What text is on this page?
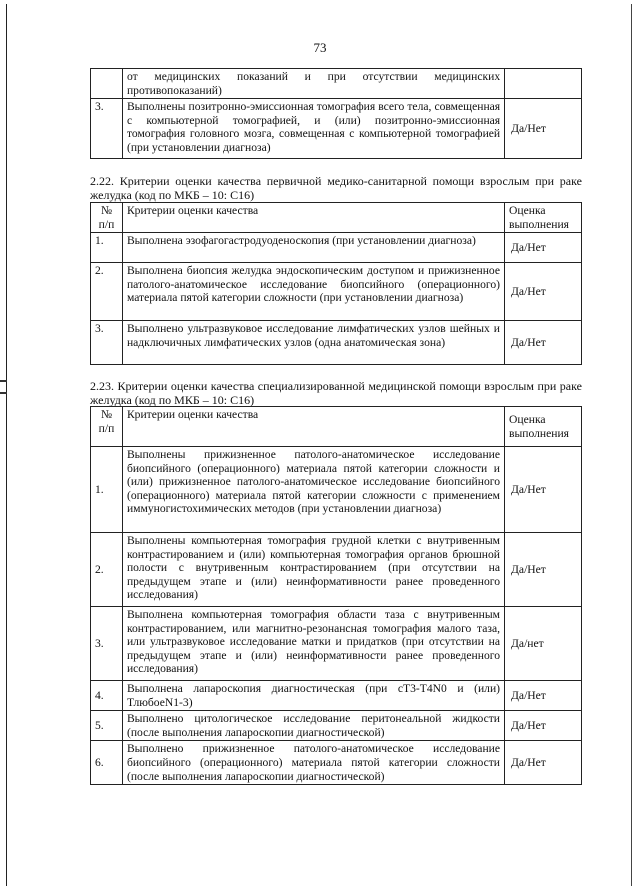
73
	от медицинских показаний и при отсутствии медицинских противопоказаний)	
3.	Выполнены позитронно-эмиссионная томография всего тела, совмещенная с компьютерной томографией, и (или) позитронно-эмиссионная томография головного мозга, совмещенная с компьютерной томографией (при установлении диагноза)	Да/Нет
2.22. Критерии оценки качества первичной медико-санитарной помощи взрослым при раке желудка (код по МКБ – 10: С16)
№ п/п	Критерии оценки качества	Оценка выполнения
1.	Выполнена эзофагогастродуоденоскопия (при установлении диагноза)	Да/Нет
2.	Выполнена биопсия желудка эндоскопическим доступом и прижизненное патолого-анатомическое исследование биопсийного (операционного) материала пятой категории сложности (при установлении диагноза)	Да/Нет
3.	Выполнено ультразвуковое исследование лимфатических узлов шейных и надключичных лимфатических узлов (одна анатомическая зона)	Да/Нет
2.23. Критерии оценки качества специализированной медицинской помощи взрослым при раке желудка (код по МКБ – 10: С16)
№ п/п	Критерии оценки качества	Оценка выполнения
1.	Выполнены прижизненное патолого-анатомическое исследование биопсийного (операционного) материала пятой категории сложности и (или) прижизненное патолого-анатомическое исследование биопсийного (операционного) материала пятой категории сложности с применением иммуногистохимических методов (при установлении диагноза)	Да/Нет
2.	Выполнены компьютерная томография грудной клетки с внутривенным контрастированием и (или) компьютерная томография органов брюшной полости с внутривенным контрастированием (при отсутствии на предыдущем этапе и (или) неинформативности ранее проведенного исследования)	Да/Нет
3.	Выполнена компьютерная томография области таза с внутривенным контрастированием, или магнитно-резонансная томография малого таза, или ультразвуковое исследование матки и придатков (при отсутствии на предыдущем этапе и (или) неинформативности ранее проведенного исследования)	Да/нет
4.	Выполнена лапароскопия диагностическая (при сТ3-Т4N0 и (или) ТлюбоеN1-3)	Да/Нет
5.	Выполнено цитологическое исследование перитонеальной жидкости (после выполнения лапароскопии диагностической)	Да/Нет
6.	Выполнено прижизненное патолого-анатомическое исследование биопсийного (операционного) материала пятой категории сложности (после выполнения лапароскопии диагностической)	Да/Нет
